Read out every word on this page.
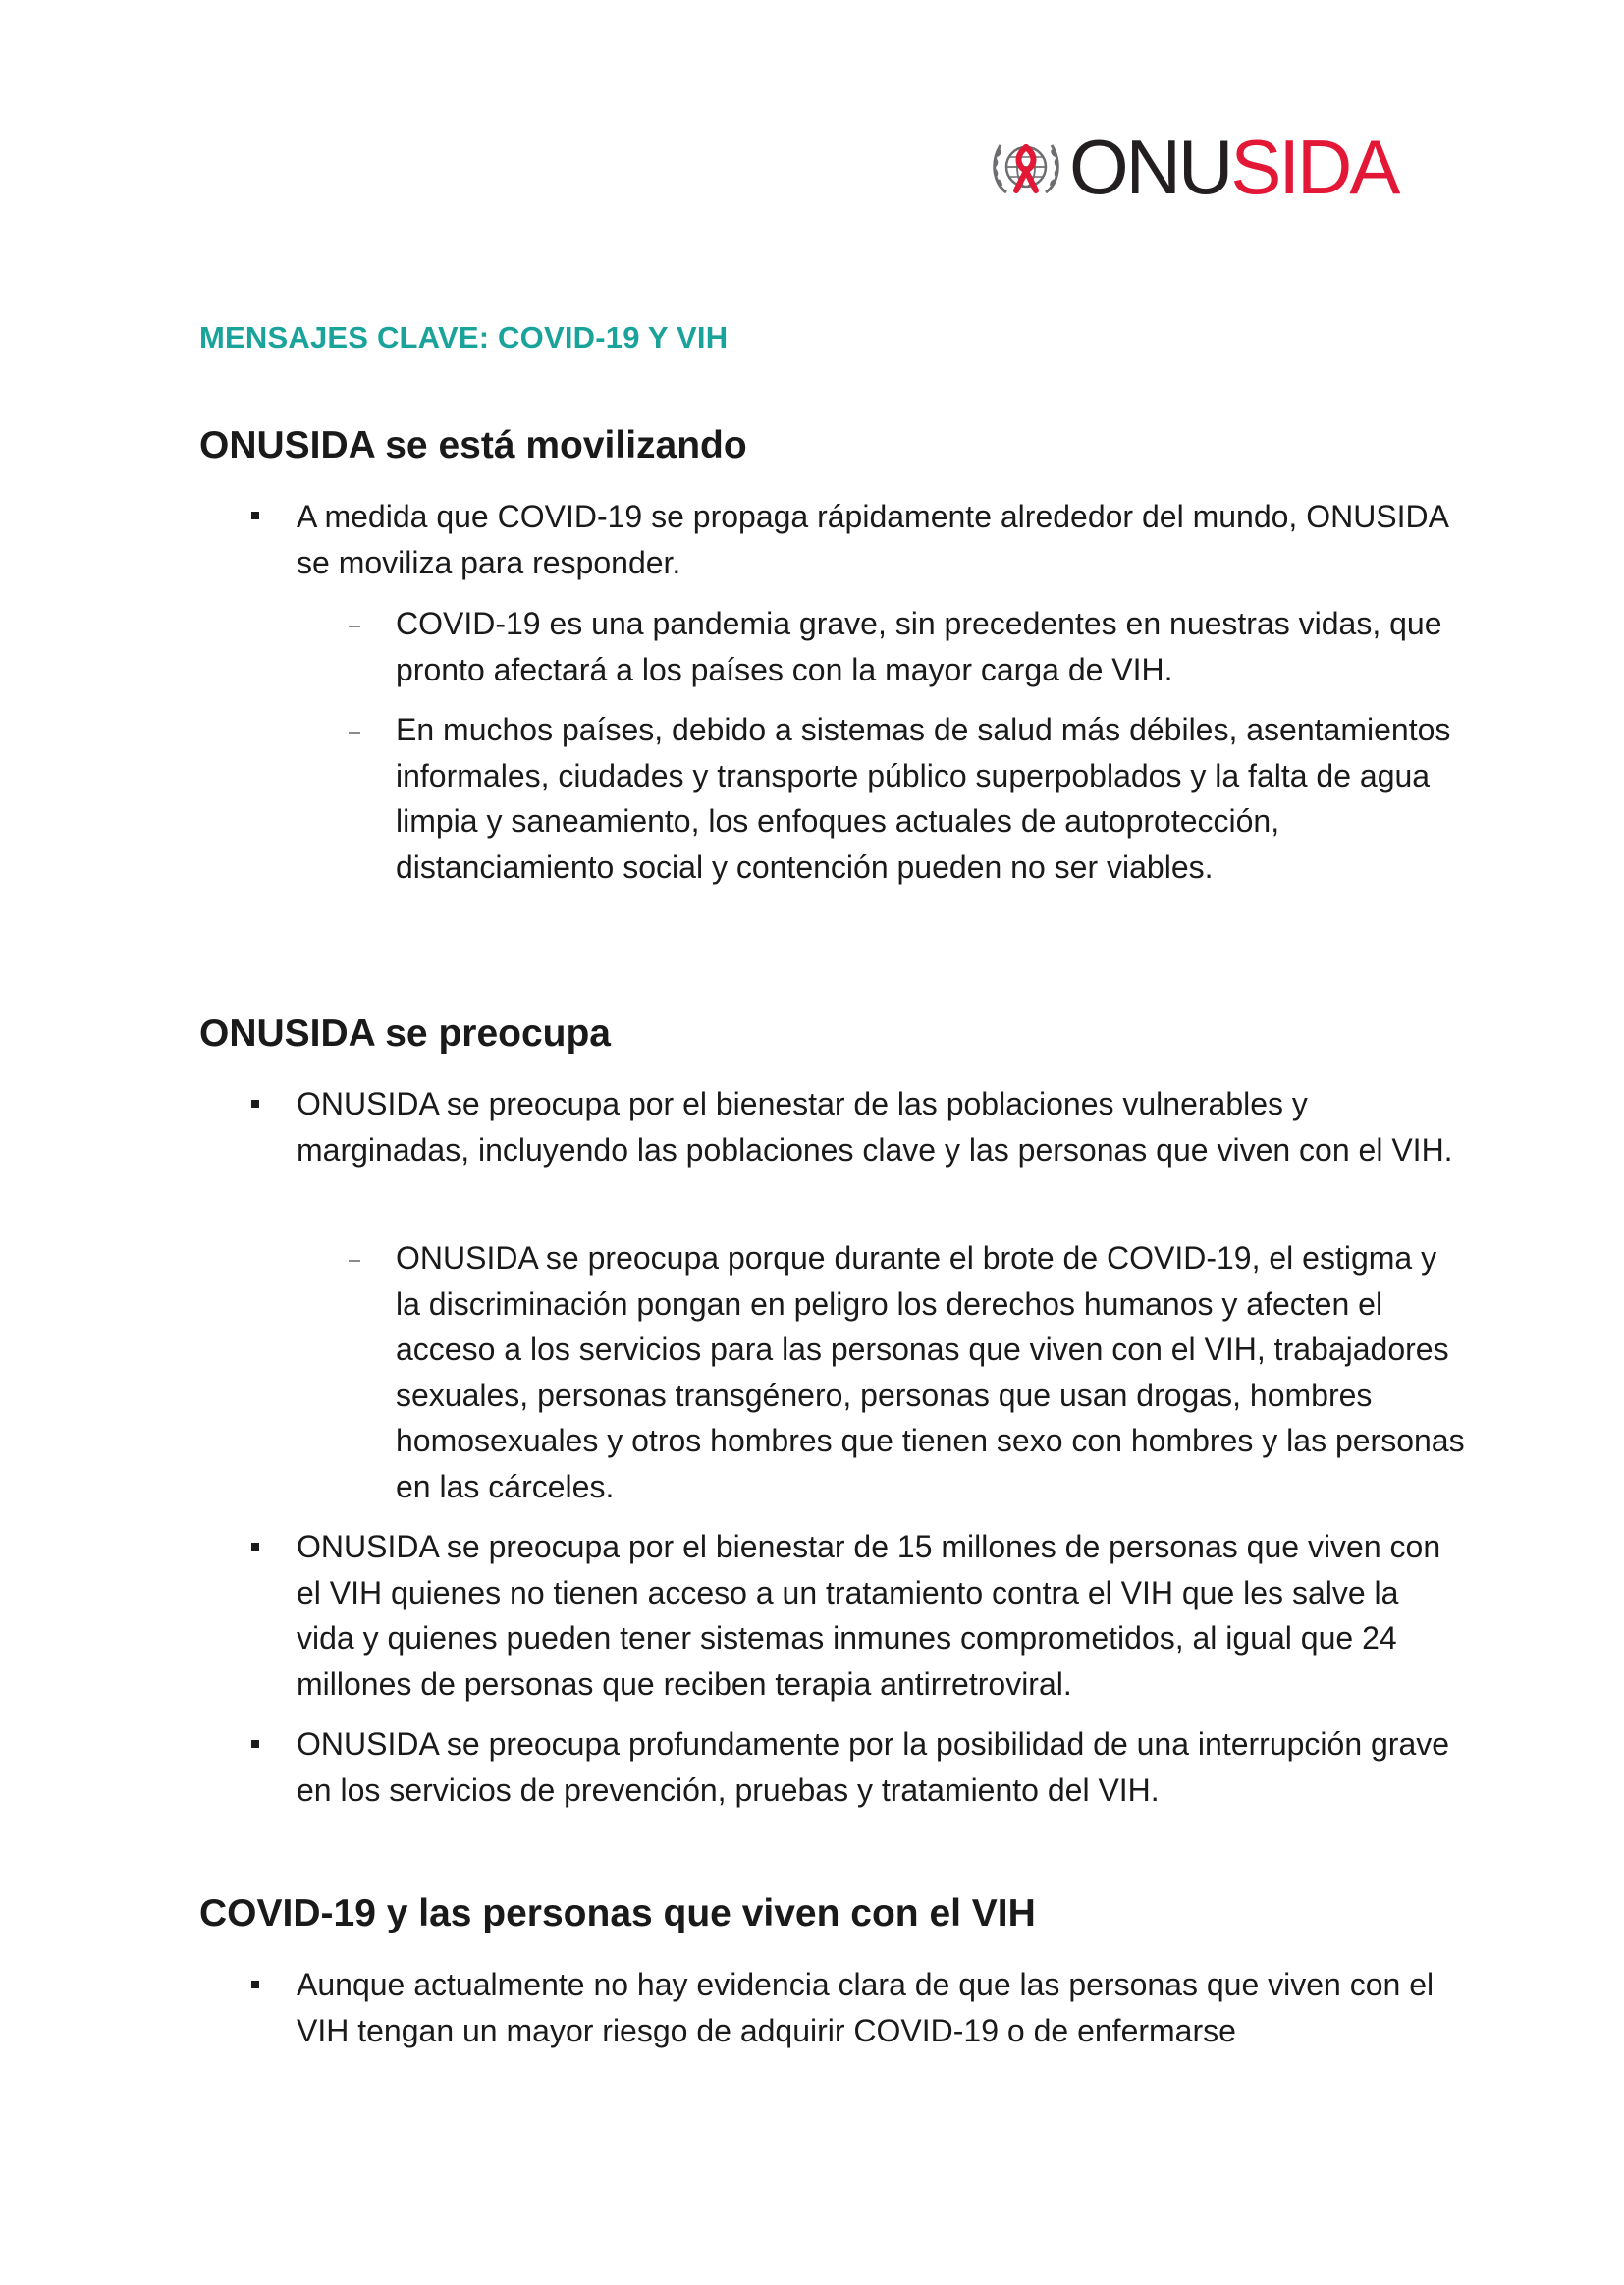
ONUSIDA
MENSAJES CLAVE: COVID-19 Y VIH
ONUSIDA se está movilizando

A medida que COVID-19 se propaga rápidamente alrededor del mundo, ONUSIDA se moviliza para responder.

COVID-19 es una pandemia grave, sin precedentes en nuestras vidas, que pronto afectará a los países con la mayor carga de VIH.

En muchos países, debido a sistemas de salud más débiles, asentamientos informales, ciudades y transporte público superpoblados y la falta de agua limpia y saneamiento, los enfoques actuales de autoprotección, distanciamiento social y contención pueden no ser viables.

ONUSIDA se preocupa

ONUSIDA se preocupa por el bienestar de las poblaciones vulnerables y marginadas, incluyendo las poblaciones clave y las personas que viven con el VIH.

ONUSIDA se preocupa porque durante el brote de COVID-19, el estigma y la discriminación pongan en peligro los derechos humanos y afecten el acceso a los servicios para las personas que viven con el VIH, trabajadores sexuales, personas transgénero, personas que usan drogas, hombres homosexuales y otros hombres que tienen sexo con hombres y las personas en las cárceles.

ONUSIDA se preocupa por el bienestar de 15 millones de personas que viven con el VIH quienes no tienen acceso a un tratamiento contra el VIH que les salve la vida y quienes pueden tener sistemas inmunes comprometidos, al igual que 24 millones de personas que reciben terapia antirretroviral.

ONUSIDA se preocupa profundamente por la posibilidad de una interrupción grave en los servicios de prevención, pruebas y tratamiento del VIH.

COVID-19 y las personas que viven con el VIH

Aunque actualmente no hay evidencia clara de que las personas que viven con el VIH tengan un mayor riesgo de adquirir COVID-19 o de enfermarse
